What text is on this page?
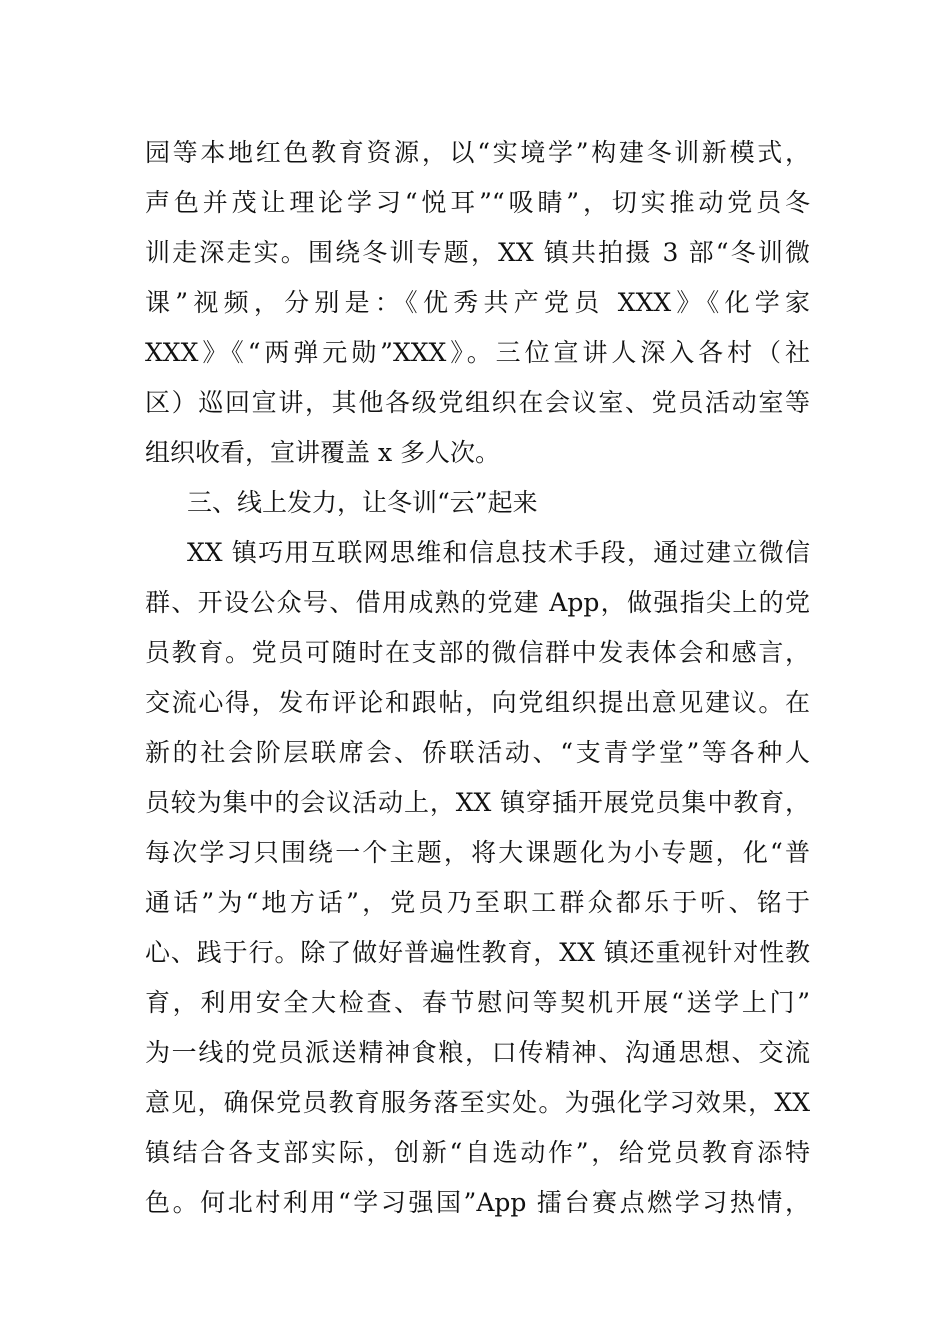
园等本地红色教育资源，以“实境学”构建冬训新模式，
声色并茂让理论学习“悦耳”“吸睛”，切实推动党员冬
训走深走实。围绕冬训专题，XX 镇共拍摄 3 部“冬训微
课”视频，分别是：《优秀共产党员 XXX》《化学家
XXX》《“两弹元勋”XXX》。三位宣讲人深入各村（社
区）巡回宣讲，其他各级党组织在会议室、党员活动室等
组织收看，宣讲覆盖 x 多人次。
三、线上发力，让冬训“云”起来
XX 镇巧用互联网思维和信息技术手段，通过建立微信
群、开设公众号、借用成熟的党建 App，做强指尖上的党
员教育。党员可随时在支部的微信群中发表体会和感言，
交流心得，发布评论和跟帖，向党组织提出意见建议。在
新的社会阶层联席会、侨联活动、“支青学堂”等各种人
员较为集中的会议活动上，XX 镇穿插开展党员集中教育，
每次学习只围绕一个主题，将大课题化为小专题，化“普
通话”为“地方话”，党员乃至职工群众都乐于听、铭于
心、践于行。除了做好普遍性教育，XX 镇还重视针对性教
育，利用安全大检查、春节慰问等契机开展“送学上门”
为一线的党员派送精神食粮，口传精神、沟通思想、交流
意见，确保党员教育服务落至实处。为强化学习效果，XX
镇结合各支部实际，创新“自选动作”，给党员教育添特
色。何北村利用“学习强国”App 擂台赛点燃学习热情，
